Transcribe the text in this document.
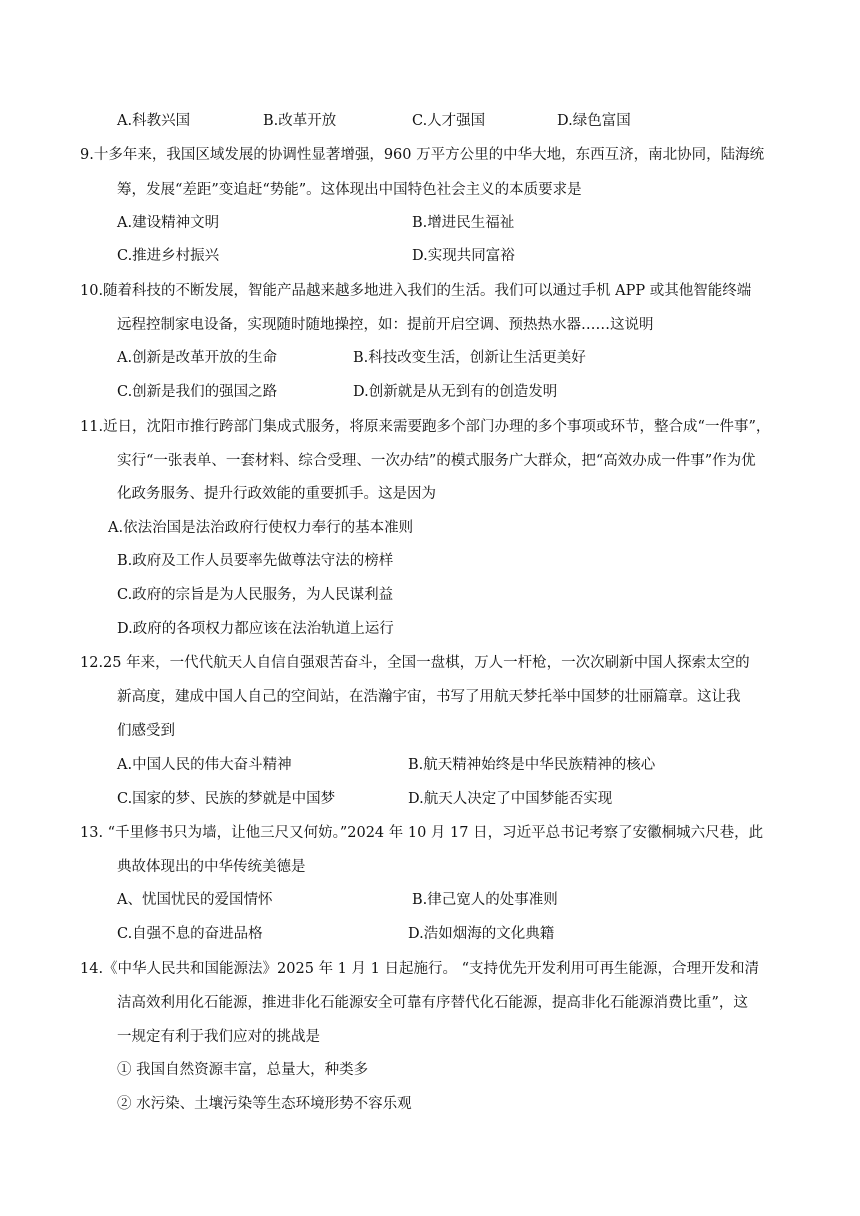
A.科教兴国	B.改革开放	C.人才强国	D.绿色富国
9.十多年来，我国区域发展的协调性显著增强，960 万平方公里的中华大地，东西互济，南北协同，陆海统
筹，发展“差距”变追赶“势能”。这体现出中国特色社会主义的本质要求是
A.建设精神文明	B.增进民生福祉
C.推进乡村振兴	D.实现共同富裕
10.随着科技的不断发展，智能产品越来越多地进入我们的生活。我们可以通过手机 APP 或其他智能终端
远程控制家电设备，实现随时随地操控，如：提前开启空调、预热热水器……这说明
A.创新是改革开放的生命	B.科技改变生活，创新让生活更美好
C.创新是我们的强国之路	D.创新就是从无到有的创造发明
11.近日，沈阳市推行跨部门集成式服务，将原来需要跑多个部门办理的多个事项或环节，整合成“一件事”，
实行“一张表单、一套材料、综合受理、一次办结”的模式服务广大群众，把“高效办成一件事”作为优
化政务服务、提升行政效能的重要抓手。这是因为
A.依法治国是法治政府行使权力奉行的基本准则
B.政府及工作人员要率先做尊法守法的榜样
C.政府的宗旨是为人民服务，为人民谋利益
D.政府的各项权力都应该在法治轨道上运行
12.25 年来，一代代航天人自信自强艰苦奋斗，全国一盘棋，万人一杆枪，一次次刷新中国人探索太空的
新高度，建成中国人自己的空间站，在浩瀚宇宙，书写了用航天梦托举中国梦的壮丽篇章。这让我
们感受到
A.中国人民的伟大奋斗精神	B.航天精神始终是中华民族精神的核心
C.国家的梦、民族的梦就是中国梦	D.航天人决定了中国梦能否实现
13. “千里修书只为墙，让他三尺又何妨。”2024 年 10 月 17 日，习近平总书记考察了安徽桐城六尺巷，此
典故体现出的中华传统美德是
A、忧国忧民的爱国情怀	B.律己宽人的处事准则
C.自强不息的奋进品格	D.浩如烟海的文化典籍
14.《中华人民共和国能源法》2025 年 1 月 1 日起施行。 “支持优先开发利用可再生能源，合理开发和清
洁高效利用化石能源，推进非化石能源安全可靠有序替代化石能源，提高非化石能源消费比重”，这
一规定有利于我们应对的挑战是
① 我国自然资源丰富，总量大，种类多
② 水污染、土壤污染等生态环境形势不容乐观
